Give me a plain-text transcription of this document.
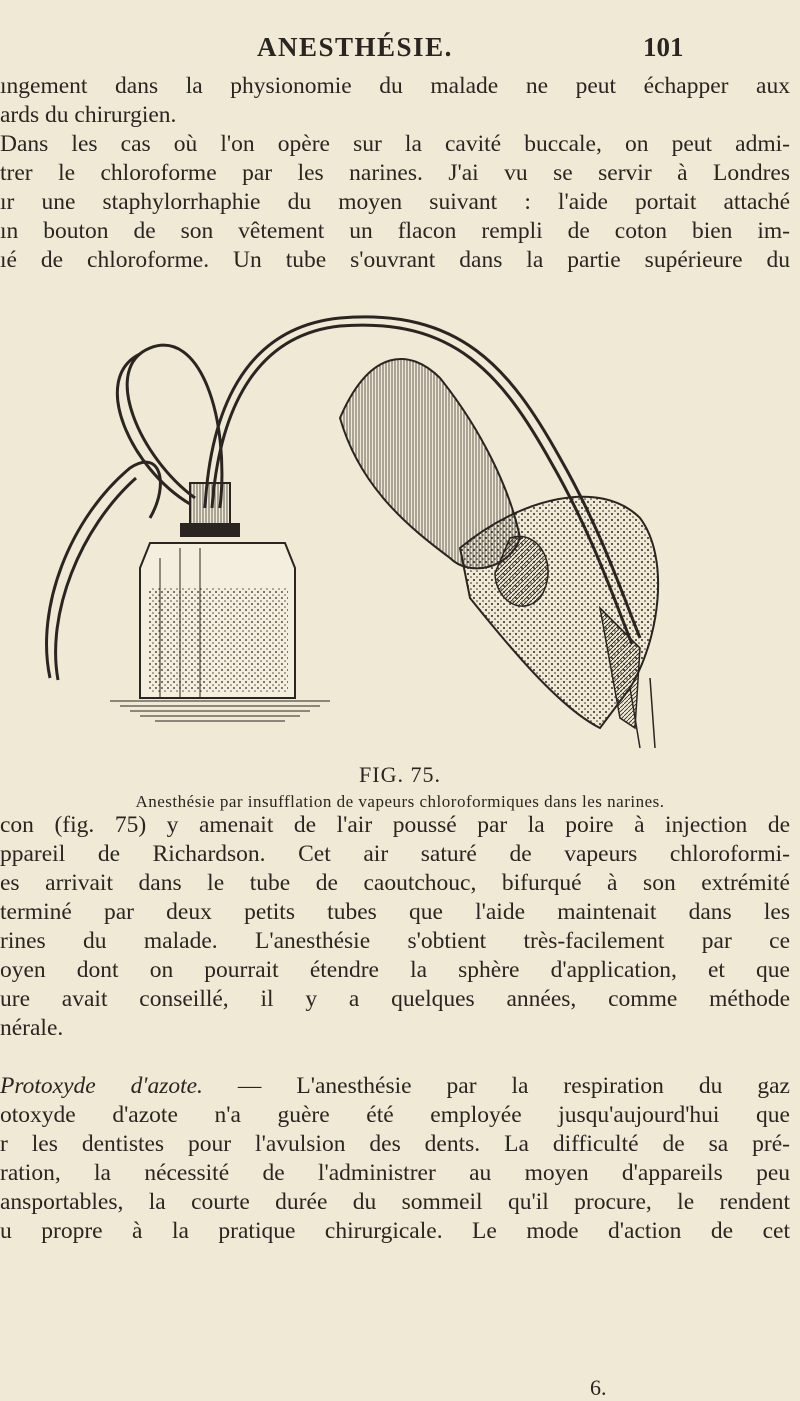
ANESTHÉSIE.	101
ıngement dans la physionomie du malade ne peut échapper aux
ards du chirurgien.
Dans les cas où l'on opère sur la cavité buccale, on peut admi-
trer le chloroforme par les narines. J'ai vu se servir à Londres
ır une staphylorrhaphie du moyen suivant : l'aide portait attaché
ın bouton de son vêtement un flacon rempli de coton bien im-
ıé de chloroforme. Un tube s'ouvrant dans la partie supérieure du
FIG. 75.
Anesthésie par insufflation de vapeurs chloroformiques dans les narines.
con (fig. 75) y amenait de l'air poussé par la poire à injection de
ppareil de Richardson. Cet air saturé de vapeurs chloroformi-
es arrivait dans le tube de caoutchouc, bifurqué à son extrémité
terminé par deux petits tubes que l'aide maintenait dans les
rines du malade. L'anesthésie s'obtient très-facilement par ce
oyen dont on pourrait étendre la sphère d'application, et que
ure avait conseillé, il y a quelques années, comme méthode
nérale.
Protoxyde d'azote. — L'anesthésie par la respiration du gaz
otoxyde d'azote n'a guère été employée jusqu'aujourd'hui que
r les dentistes pour l'avulsion des dents. La difficulté de sa pré-
ration, la nécessité de l'administrer au moyen d'appareils peu
ansportables, la courte durée du sommeil qu'il procure, le rendent
u propre à la pratique chirurgicale. Le mode d'action de cet
6.
